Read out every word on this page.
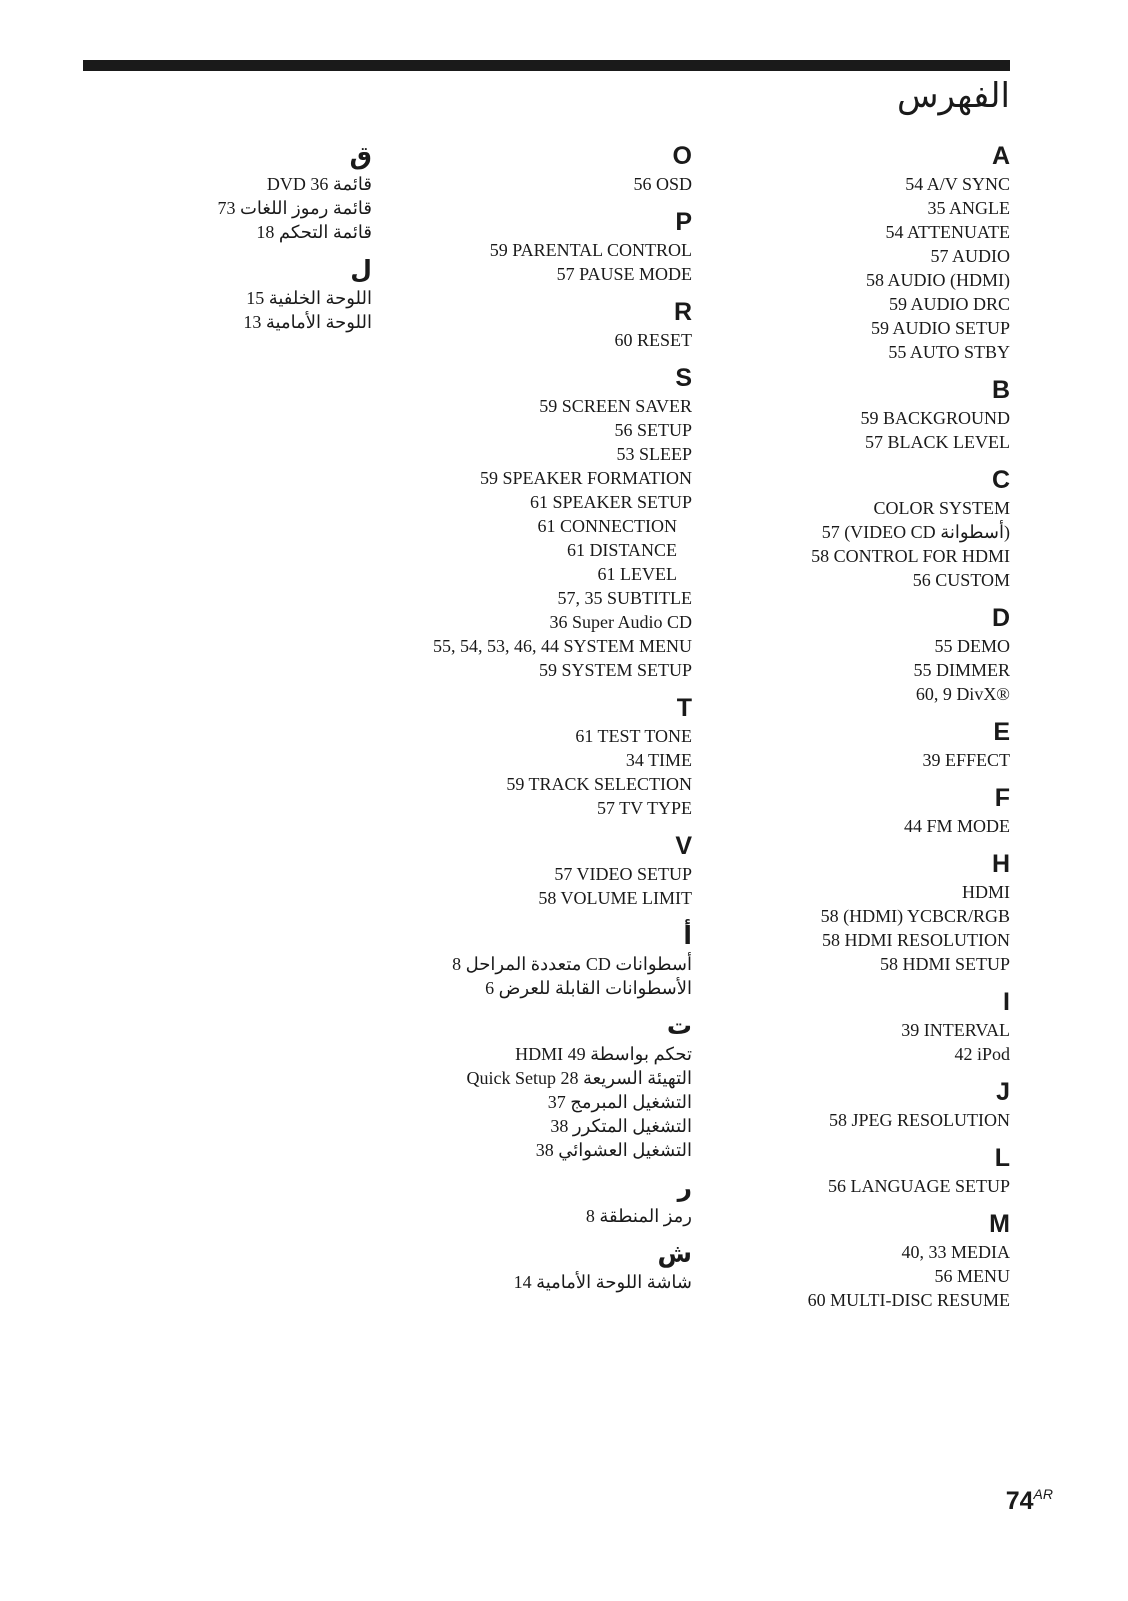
الفهرس
A
54 A/V SYNC
35 ANGLE
54 ATTENUATE
57 AUDIO
58 AUDIO (HDMI)
59 AUDIO DRC
59 AUDIO SETUP
55 AUTO STBY
B
59 BACKGROUND
57 BLACK LEVEL
C
COLOR SYSTEM
57 (VIDEO CD أسطوانة)
58 CONTROL FOR HDMI
56 CUSTOM
D
55 DEMO
55 DIMMER
60, 9 DivX®
E
39 EFFECT
F
44 FM MODE
H
HDMI
58 (HDMI) YCBCR/RGB
58 HDMI RESOLUTION
58 HDMI SETUP
I
39 INTERVAL
42 iPod
J
58 JPEG RESOLUTION
L
56 LANGUAGE SETUP
M
40, 33 MEDIA
56 MENU
60 MULTI-DISC RESUME
O
56 OSD
P
59 PARENTAL CONTROL
57 PAUSE MODE
R
60 RESET
S
59 SCREEN SAVER
56 SETUP
53 SLEEP
59 SPEAKER FORMATION
61 SPEAKER SETUP
61 CONNECTION
61 DISTANCE
61 LEVEL
57, 35 SUBTITLE
36 Super Audio CD
55, 54, 53, 46, 44 SYSTEM MENU
59 SYSTEM SETUP
T
61 TEST TONE
34 TIME
59 TRACK SELECTION
57 TV TYPE
V
57 VIDEO SETUP
58 VOLUME LIMIT
أ
أسطوانات CD متعددة المراحل 8
الأسطوانات القابلة للعرض 6
ت
تحكم بواسطة HDMI 49
التهيئة السريعة Quick Setup 28
التشغيل المبرمج 37
التشغيل المتكرر 38
التشغيل العشوائي 38
ر
رمز المنطقة 8
ش
شاشة اللوحة الأمامية 14
ق
قائمة DVD 36
قائمة رموز اللغات 73
قائمة التحكم 18
ل
اللوحة الخلفية 15
اللوحة الأمامية 13
74AR
